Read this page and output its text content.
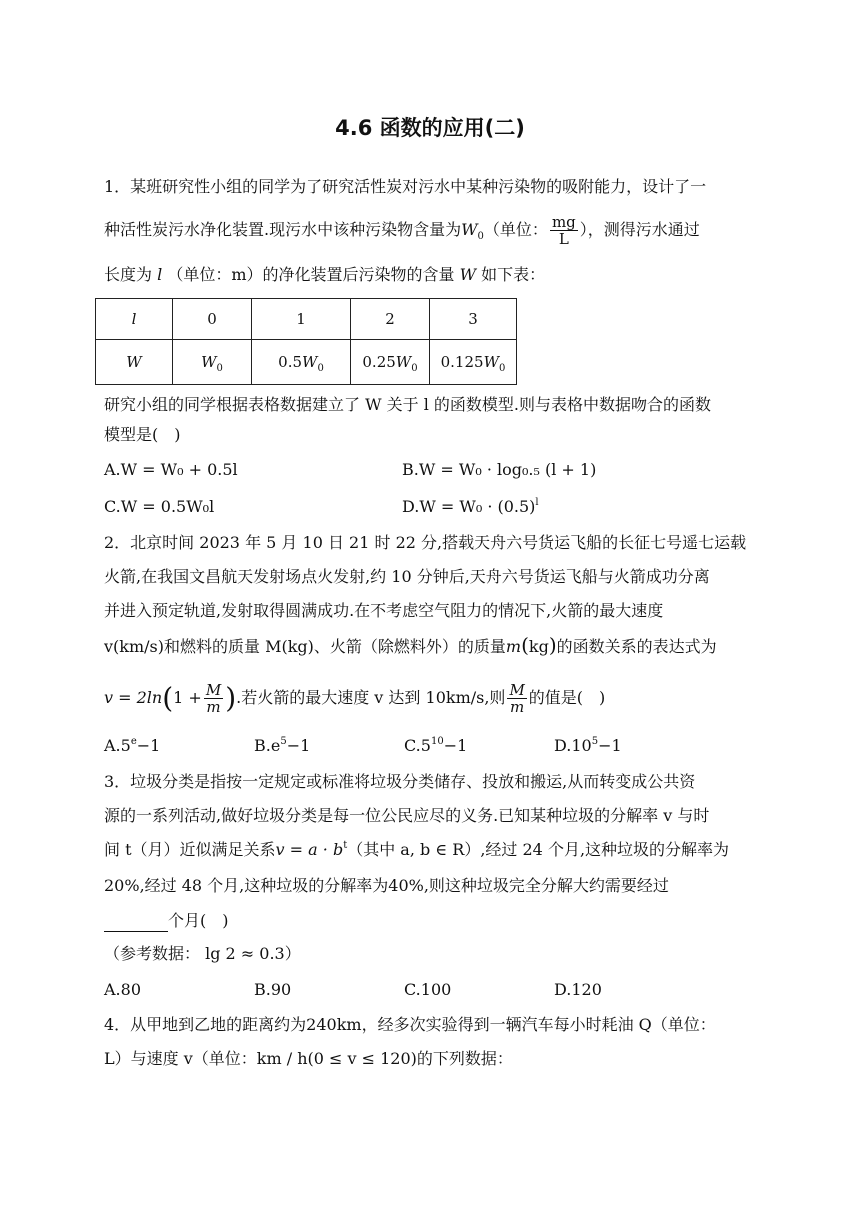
4.6 函数的应用(二)
1．某班研究性小组的同学为了研究活性炭对污水中某种污染物的吸附能力，设计了一
种活性炭污水净化装置.现污水中该种污染物含量为$W_0$（单位： $\frac{mg}{L}$ ），测得污水通过
长度为 l （单位：m）的净化装置后污染物的含量 W 如下表：
l	0	1	2	3
W	$W_0$	$0.5W_0$	$0.25W_0$	$0.125W_0$
研究小组的同学根据表格数据建立了 W 关于 l 的函数模型.则与表格中数据吻合的函数
模型是( )
A.W = W₀ + 0.5l	B.W = W₀ · log₀.₅ (l + 1)
C.W = 0.5W₀l	$D.W = W_0 \cdot (0.5)^l$
2．北京时间 2023 年 5 月 10 日 21 时 22 分,搭载天舟六号货运飞船的长征七号遥七运载
火箭,在我国文昌航天发射场点火发射,约 10 分钟后,天舟六号货运飞船与火箭成功分离
并进入预定轨道,发射取得圆满成功.在不考虑空气阻力的情况下,火箭的最大速度
v(km/s)和燃料的质量 M(kg)、火箭（除燃料外）的质量m(kg)的函数关系的表达式为
$v = 2\ln(1 + \frac{M}{m}$ ).若火箭的最大速度 v 达到 10km/s,则 $\frac{M}{m}$ 的值是( )
A.5$^e$−1	$B.e^5-1$	$C.5^{10}-1$	$D.10^5-1$
3．垃圾分类是指按一定规定或标准将垃圾分类储存、投放和搬运,从而转变成公共资
源的一系列活动,做好垃圾分类是每一位公民应尽的义务.已知某种垃圾的分解率 v 与时
间 t（月）近似满足关系$v = a \cdot b^t$（其中 a, b ∈ R）,经过 24 个月,这种垃圾的分解率为
20%,经过 48 个月,这种垃圾的分解率为40%,则这种垃圾完全分解大约需要经过
个月( )
（参考数据： lg 2 ≈ 0.3）
A.80	B.90	C.100	D.120
4．从甲地到乙地的距离约为240km，经多次实验得到一辆汽车每小时耗油 Q（单位：
L）与速度 v（单位：km / h(0 ≤ v ≤ 120)的下列数据：
